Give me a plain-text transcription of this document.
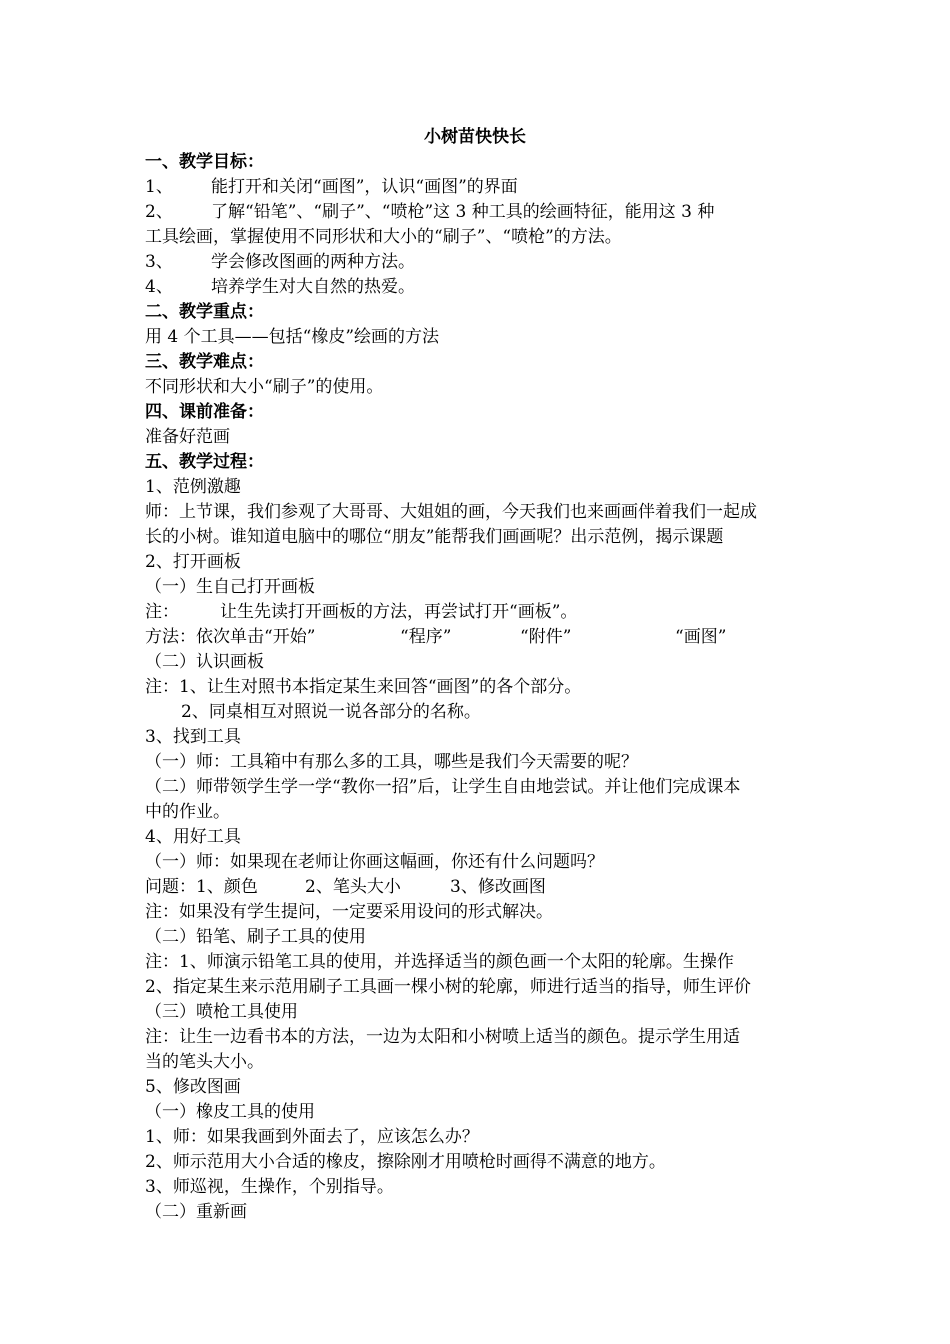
小树苗快快长
一、教学目标：
1、 能打开和关闭“画图”，认识“画图”的界面
2、 了解“铅笔”、“刷子”、“喷枪”这 3 种工具的绘画特征，能用这 3 种
工具绘画，掌握使用不同形状和大小的“刷子”、“喷枪”的方法。
3、 学会修改图画的两种方法。
4、 培养学生对大自然的热爱。
二、教学重点：
用 4 个工具——包括“橡皮”绘画的方法
三、教学难点：
不同形状和大小“刷子”的使用。
四、课前准备：
准备好范画
五、教学过程：
1、范例激趣
师：上节课，我们参观了大哥哥、大姐姐的画，今天我们也来画画伴着我们一起成
长的小树。谁知道电脑中的哪位“朋友”能帮我们画画呢？出示范例，揭示课题
2、打开画板
（一）生自己打开画板
注： 让生先读打开画板的方法，再尝试打开“画板”。
方法：依次单击“开始”	“程序”	“附件”	“画图”
（二）认识画板
注：1、让生对照书本指定某生来回答“画图”的各个部分。
2、同桌相互对照说一说各部分的名称。
3、找到工具
（一）师：工具箱中有那么多的工具，哪些是我们今天需要的呢？
（二）师带领学生学一学“教你一招”后，让学生自由地尝试。并让他们完成课本
中的作业。
4、用好工具
（一）师：如果现在老师让你画这幅画，你还有什么问题吗？
问题：1、颜色	2、笔头大小	3、修改画图
注：如果没有学生提问，一定要采用设问的形式解决。
（二）铅笔、刷子工具的使用
注：1、师演示铅笔工具的使用，并选择适当的颜色画一个太阳的轮廓。生操作
2、指定某生来示范用刷子工具画一棵小树的轮廓，师进行适当的指导，师生评价
（三）喷枪工具使用
注：让生一边看书本的方法，一边为太阳和小树喷上适当的颜色。提示学生用适
当的笔头大小。
5、修改图画
（一）橡皮工具的使用
1、师：如果我画到外面去了，应该怎么办？
2、师示范用大小合适的橡皮，擦除刚才用喷枪时画得不满意的地方。
3、师巡视，生操作，个别指导。
（二）重新画
